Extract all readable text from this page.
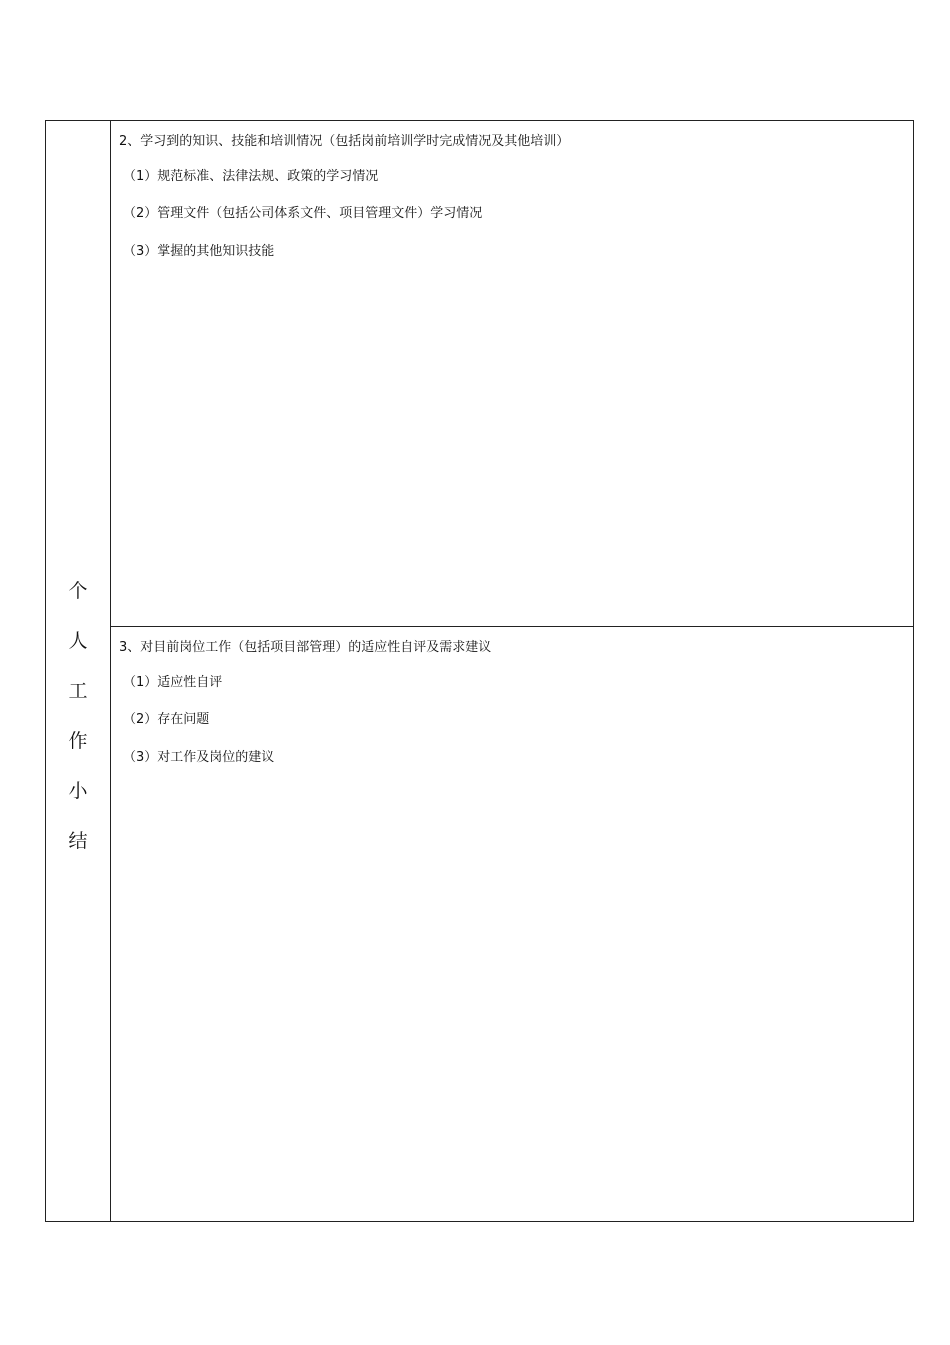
个
人
工
作
小
结
2、学习到的知识、技能和培训情况（包括岗前培训学时完成情况及其他培训）
（1）规范标准、法律法规、政策的学习情况
（2）管理文件（包括公司体系文件、项目管理文件）学习情况
（3）掌握的其他知识技能
3、对目前岗位工作（包括项目部管理）的适应性自评及需求建议
（1）适应性自评
（2）存在问题
（3）对工作及岗位的建议
